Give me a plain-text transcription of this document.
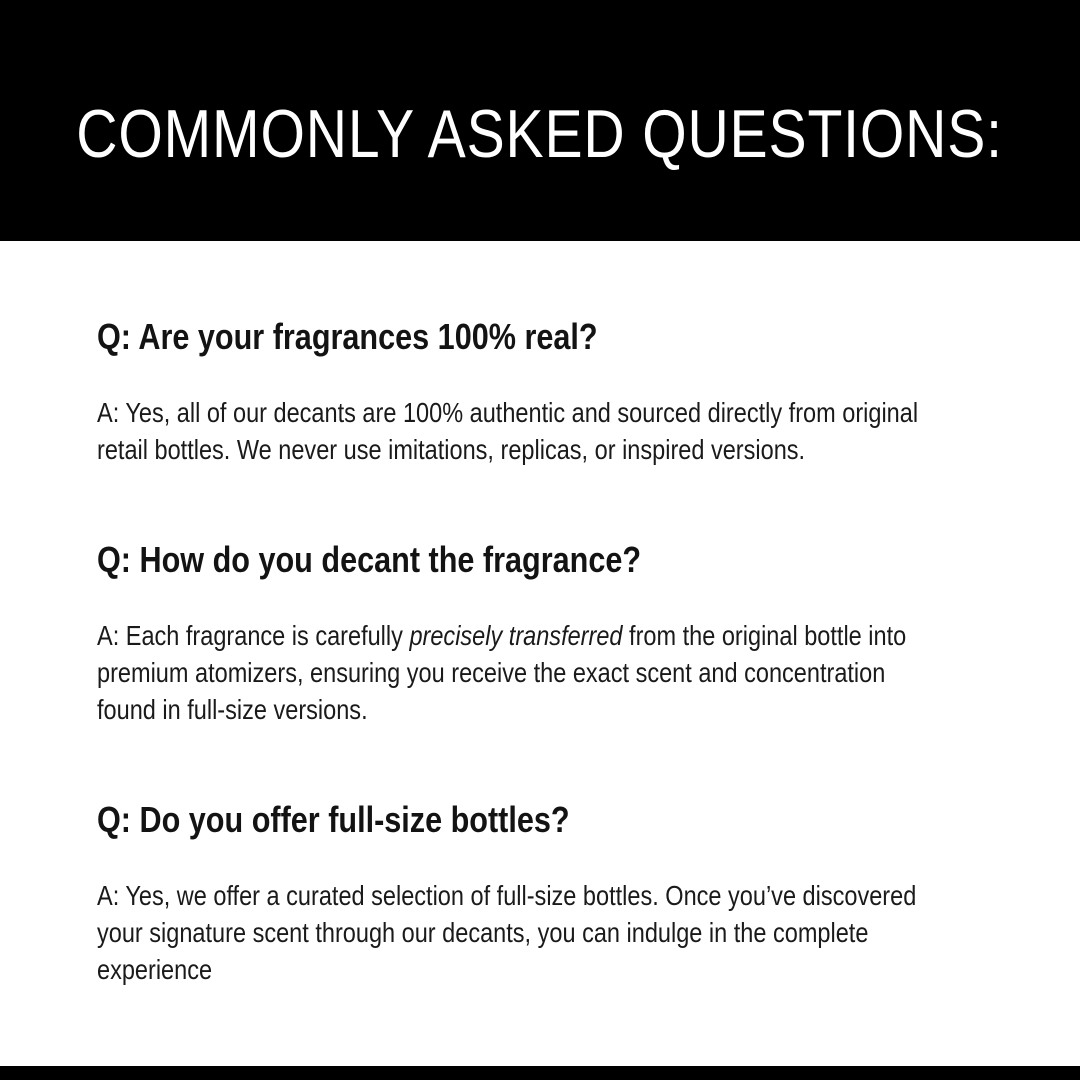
COMMONLY ASKED QUESTIONS:
Q: Are your fragrances 100% real?
A: Yes, all of our decants are 100% authentic and sourced directly from original
retail bottles. We never use imitations, replicas, or inspired versions.
Q: How do you decant the fragrance?
A: Each fragrance is carefully precisely transferred from the original bottle into
premium atomizers, ensuring you receive the exact scent and concentration
found in full-size versions.
Q: Do you offer full-size bottles?
A: Yes, we offer a curated selection of full-size bottles. Once you’ve discovered
your signature scent through our decants, you can indulge in the complete
experience
